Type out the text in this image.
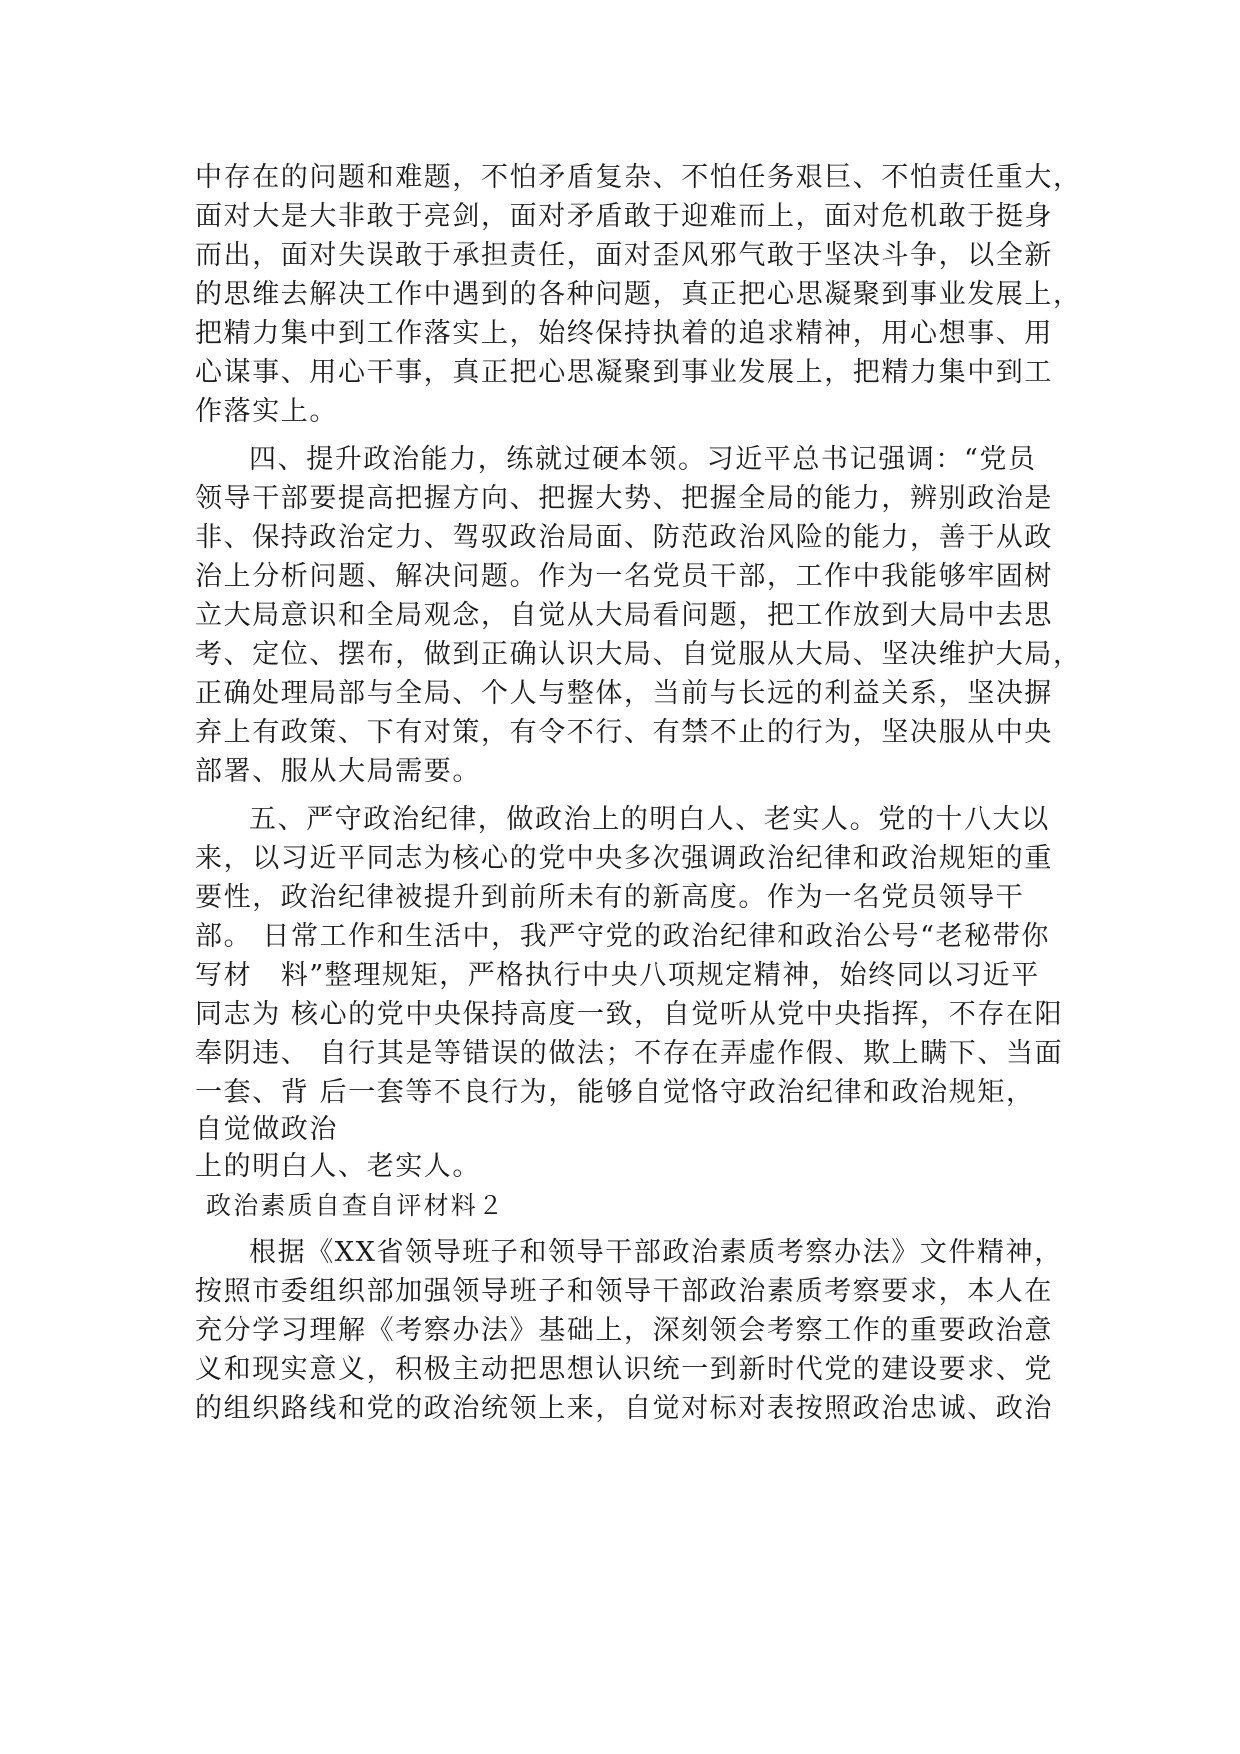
中存在的问题和难题，不怕矛盾复杂、不怕任务艰巨、不怕责任重大，
面对大是大非敢于亮剑，面对矛盾敢于迎难而上，面对危机敢于挺身
而出，面对失误敢于承担责任，面对歪风邪气敢于坚决斗争，以全新
的思维去解决工作中遇到的各种问题，真正把心思凝聚到事业发展上，
把精力集中到工作落实上，始终保持执着的追求精神，用心想事、用
心谋事、用心干事，真正把心思凝聚到事业发展上，把精力集中到工
作落实上。
四、提升政治能力，练就过硬本领。习近平总书记强调：“党员
领导干部要提高把握方向、把握大势、把握全局的能力，辨别政治是
非、保持政治定力、驾驭政治局面、防范政治风险的能力，善于从政
治上分析问题、解决问题。作为一名党员干部，工作中我能够牢固树
立大局意识和全局观念，自觉从大局看问题，把工作放到大局中去思
考、定位、摆布，做到正确认识大局、自觉服从大局、坚决维护大局，
正确处理局部与全局、个人与整体，当前与长远的利益关系，坚决摒
弃上有政策、下有对策，有令不行、有禁不止的行为，坚决服从中央
部署、服从大局需要。
五、严守政治纪律，做政治上的明白人、老实人。党的十八大以
来，以习近平同志为核心的党中央多次强调政治纪律和政治规矩的重
要性，政治纪律被提升到前所未有的新高度。作为一名党员领导干
部。 日常工作和生活中，我严守党的政治纪律和政治公号“老秘带你
写材　料”整理规矩，严格执行中央八项规定精神，始终同以习近平
同志为 核心的党中央保持高度一致，自觉听从党中央指挥，不存在阳
奉阴违、 自行其是等错误的做法；不存在弄虚作假、欺上瞒下、当面
一套、背 后一套等不良行为，能够自觉恪守政治纪律和政治规矩，
自觉做政治
上的明白人、老实人。
政治素质自查自评材料２
根据《XX省领导班子和领导干部政治素质考察办法》文件精神，
按照市委组织部加强领导班子和领导干部政治素质考察要求，本人在
充分学习理解《考察办法》基础上，深刻领会考察工作的重要政治意
义和现实意义，积极主动把思想认识统一到新时代党的建设要求、党
的组织路线和党的政治统领上来，自觉对标对表按照政治忠诚、政治
